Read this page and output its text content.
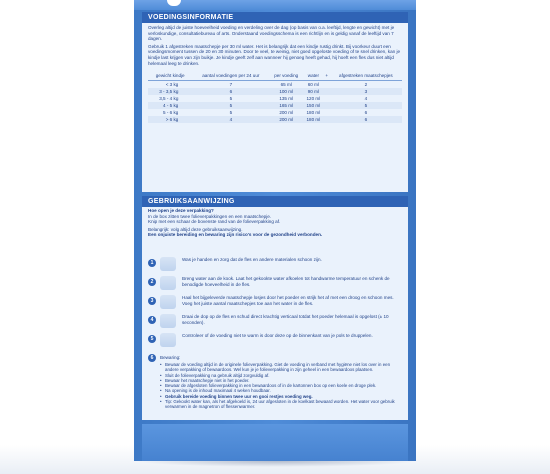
VOEDINGSINFORMATIE

Overleg altijd de juiste hoeveelheid voeding en verdeling over de dag (op basis van o.a. leeftijd, lengte en gewicht) met je verloskundige, consultatiebureau of arts. Onderstaand voedingsschema is een richtlijn en is geldig vanaf de leeftijd van 7 dagen.

Gebruik 1 afgestreken maatschepje per 30 ml water. Het is belangrijk dat een kindje rustig drinkt. Bij voorkeur duurt een voedingsmoment tussen de 20 en 30 minuten. Door te veel, te weinig, niet goed opgeloste voeding of te snel drinken, kan je kindje last krijgen van zijn buikje. Je kindje geeft zelf aan wanneer hij genoeg heeft gehad, hij hoeft een fles dus niet altijd helemaal leeg te drinken.

gewicht kindje	aantal voedingen per 24 uur	per voeding	water	+	afgestreken maatschepjes
< 3 kg	7	65 ml	60 ml		2
3 - 3,5 kg	6	100 ml	90 ml		3
3,5 - 4 kg	5	135 ml	120 ml		4
4 - 5 kg	5	165 ml	150 ml		5
5 - 6 kg	5	200 ml	180 ml		6
> 6 kg	4	200 ml	180 ml		6
GEBRUIKSAANWIJZING

Hoe open je deze verpakking?

In de box zitten twee folieverpakkingen en een maatschepje.

Knip met een schaar de bovenste rand van de folieverpakking af.

Belangrijk: volg altijd deze gebruiksaanwijzing.

Een onjuiste bereiding en bewaring zijn risico's voor de gezondheid verbonden.

1
Was je handen en zorg dat de fles en andere materialen schoon zijn.
2
Breng water aan de kook. Laat het gekookte water afkoelen tot handwarme temperatuur en schenk de benodigde hoeveelheid in de fles.
3
Haal het bijgeleverde maatschepje losjes door het poeder en strijk het af met een droog en schoon mes. Voeg het juiste aantal maatschepjes toe aan het water in de fles.
4
Draai de dop op de fles en schud direct krachtig verticaal totdat het poeder helemaal is opgelost (± 10 seconden).
5
Controleer of de voeding niet te warm is door deze op de binnenkant van je pols te druppelen.
6	Bewaring:
• Bewaar de voeding altijd in de originele folieverpakking. Giet de voeding in verband met hygiëne niet los over in een andere verpakking of bewaardoos. Wel kun je je folieverpakking in zijn geheel in een bewaardoos plaatsen.
• Sluit de folieverpakking na gebruik altijd zorgvuldig af.
• Bewaar het maatschepje niet in het poeder.
• Bewaar de afgesloten folieverpakking in een bewaardoos of in de kartonnen box op een koele en droge plek.
• Na opening is de inhoud maximaal 4 weken houdbaar.
• Gebruik bereide voeding binnen twee uur en gooi restjes voeding weg.
• Tip: Gekookt water kan, als het afgekoeld is, 24 uur afgesloten in de koelkast bewaard worden. Het water voor gebruik verwarmen in de magnetron of flessenwarmer.
